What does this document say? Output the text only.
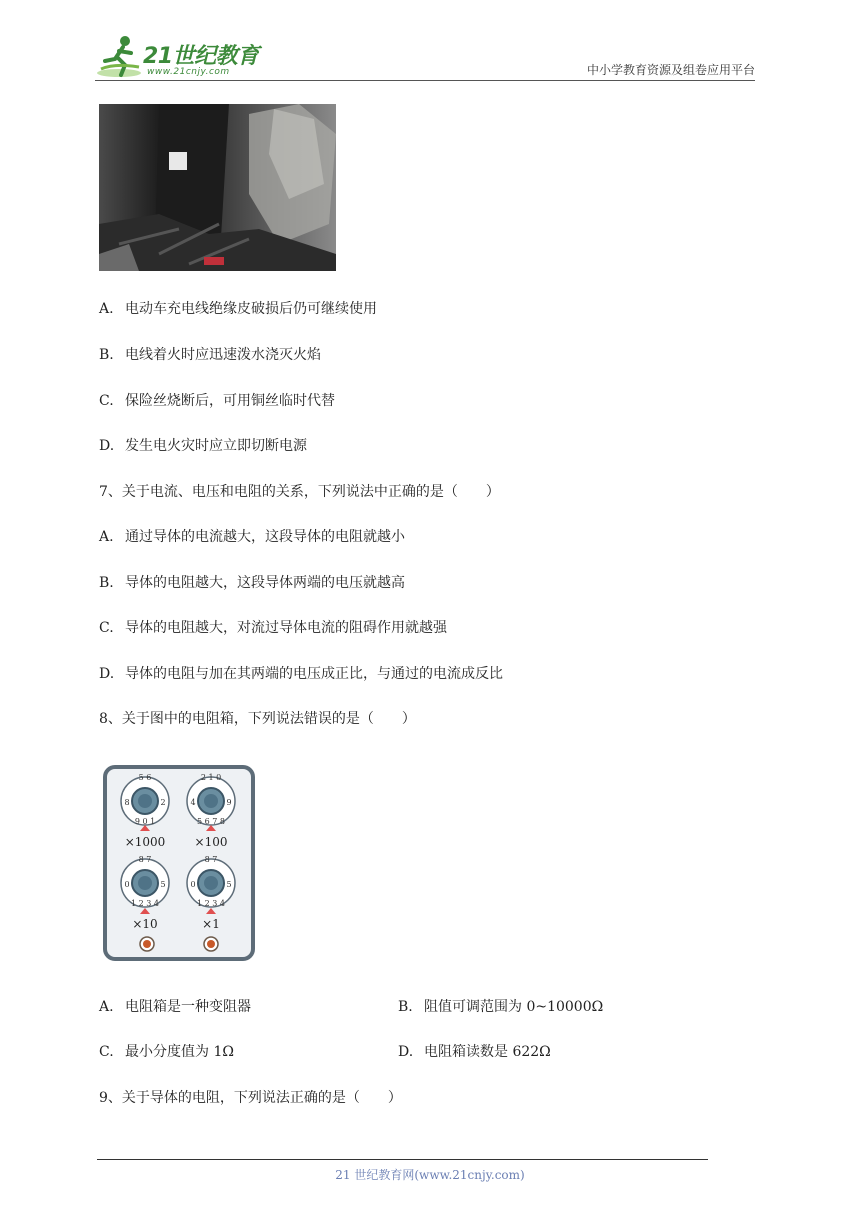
21世纪教育
www.21cnjy.com	中小学教育资源及组卷应用平台
A. 电动车充电线绝缘皮破损后仍可继续使用
B. 电线着火时应迅速泼水浇灭火焰
C. 保险丝烧断后，可用铜丝临时代替
D. 发生电火灾时应立即切断电源
7、关于电流、电压和电阻的关系，下列说法中正确的是（　　）
A. 通过导体的电流越大，这段导体的电阻就越小
B. 导体的电阻越大，这段导体两端的电压就越高
C. 导体的电阻越大，对流过导体电流的阻碍作用就越强
D. 导体的电阻与加在其两端的电压成正比，与通过的电流成反比
8、关于图中的电阻箱，下列说法错误的是（　　）
5 6
8	2
9 0 1
2 1 0
4	9
5 6 7 8
8 7
0	5
1 2 3 4
8 7
0	5
1 2 3 4
×1000 ×100
×10	×1
A. 电阻箱是一种变阻器	B. 阻值可调范围为 0~10000Ω
C. 最小分度值为 1Ω	D. 电阻箱读数是 622Ω
9、关于导体的电阻，下列说法正确的是（　　）
21 世纪教育网(www.21cnjy.com)
